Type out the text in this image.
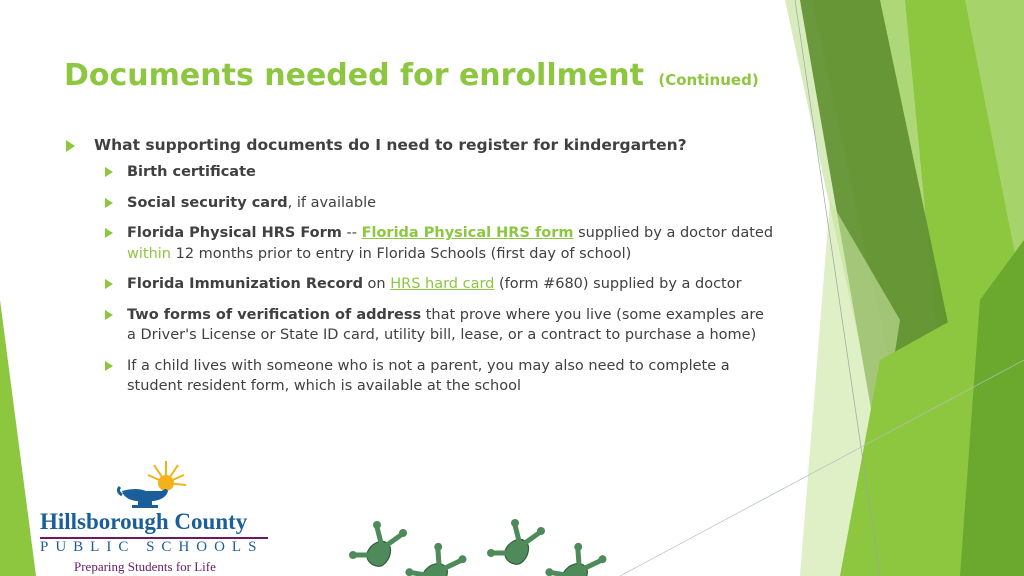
Documents needed for enrollment (Continued)
What supporting documents do I need to register for kindergarten?
Birth certificate
Social security card, if available
Florida Physical HRS Form -- Florida Physical HRS form supplied by a doctor dated within 12 months prior to entry in Florida Schools (first day of school)
Florida Immunization Record on HRS hard card (form #680) supplied by a doctor
Two forms of verification of address that prove where you live (some examples are a Driver's License or State ID card, utility bill, lease, or a contract to purchase a home)
If a child lives with someone who is not a parent, you may also need to complete a student resident form, which is available at the school
Hillsborough County
PUBLIC SCHOOLS
Preparing Students for Life
